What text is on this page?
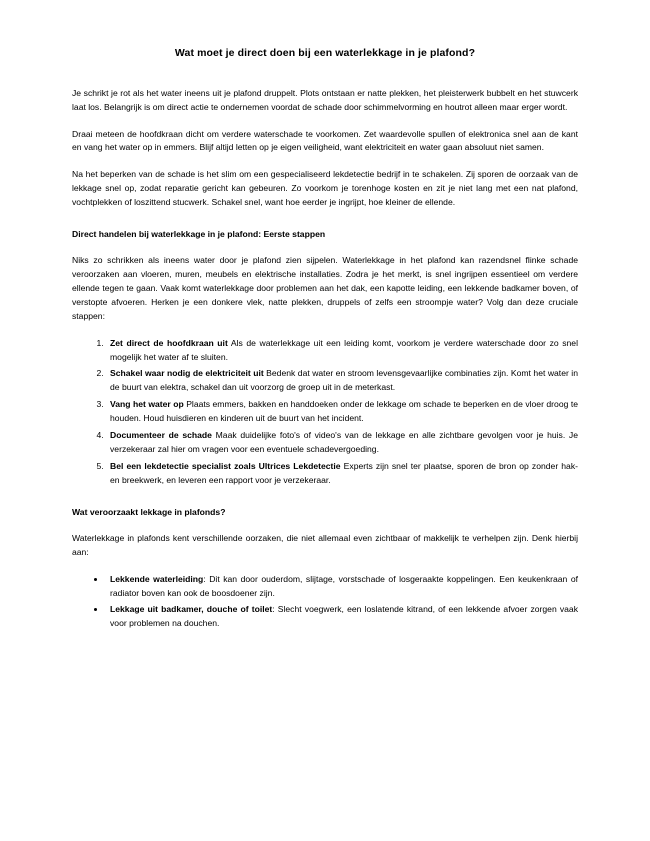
Wat moet je direct doen bij een waterlekkage in je plafond?

Je schrikt je rot als het water ineens uit je plafond druppelt. Plots ontstaan er natte plekken, het pleisterwerk bubbelt en het stuwcerk laat los. Belangrijk is om direct actie te ondernemen voordat de schade door schimmelvorming en houtrot alleen maar erger wordt.

Draai meteen de hoofdkraan dicht om verdere waterschade te voorkomen. Zet waardevolle spullen of elektronica snel aan de kant en vang het water op in emmers. Blijf altijd letten op je eigen veiligheid, want elektriciteit en water gaan absoluut niet samen.

Na het beperken van de schade is het slim om een gespecialiseerd lekdetectie bedrijf in te schakelen. Zij sporen de oorzaak van de lekkage snel op, zodat reparatie gericht kan gebeuren. Zo voorkom je torenhoge kosten en zit je niet lang met een nat plafond, vochtplekken of loszittend stucwerk. Schakel snel, want hoe eerder je ingrijpt, hoe kleiner de ellende.

Direct handelen bij waterlekkage in je plafond: Eerste stappen

Niks zo schrikken als ineens water door je plafond zien sijpelen. Waterlekkage in het plafond kan razendsnel flinke schade veroorzaken aan vloeren, muren, meubels en elektrische installaties. Zodra je het merkt, is snel ingrijpen essentieel om verdere ellende tegen te gaan. Vaak komt waterlekkage door problemen aan het dak, een kapotte leiding, een lekkende badkamer boven, of verstopte afvoeren. Herken je een donkere vlek, natte plekken, druppels of zelfs een stroompje water? Volg dan deze cruciale stappen:

1. Zet direct de hoofdkraan uit Als de waterlekkage uit een leiding komt, voorkom je verdere waterschade door zo snel mogelijk het water af te sluiten.
2. Schakel waar nodig de elektriciteit uit Bedenk dat water en stroom levensgevaarlijke combinaties zijn. Komt het water in de buurt van elektra, schakel dan uit voorzorg de groep uit in de meterkast.
3. Vang het water op Plaats emmers, bakken en handdoeken onder de lekkage om schade te beperken en de vloer droog te houden. Houd huisdieren en kinderen uit de buurt van het incident.
4. Documenteer de schade Maak duidelijke foto's of video's van de lekkage en alle zichtbare gevolgen voor je huis. Je verzekeraar zal hier om vragen voor een eventuele schadevergoeding.
5. Bel een lekdetectie specialist zoals Ultrices Lekdetectie Experts zijn snel ter plaatse, sporen de bron op zonder hak- en breekwerk, en leveren een rapport voor je verzekeraar.
Wat veroorzaakt lekkage in plafonds?

Waterlekkage in plafonds kent verschillende oorzaken, die niet allemaal even zichtbaar of makkelijk te verhelpen zijn. Denk hierbij aan:

• Lekkende waterleiding: Dit kan door ouderdom, slijtage, vorstschade of losgeraakte koppelingen. Een keukenkraan of radiator boven kan ook de boosdoener zijn.
• Lekkage uit badkamer, douche of toilet: Slecht voegwerk, een loslatende kitrand, of een lekkende afvoer zorgen vaak voor problemen na douchen.
